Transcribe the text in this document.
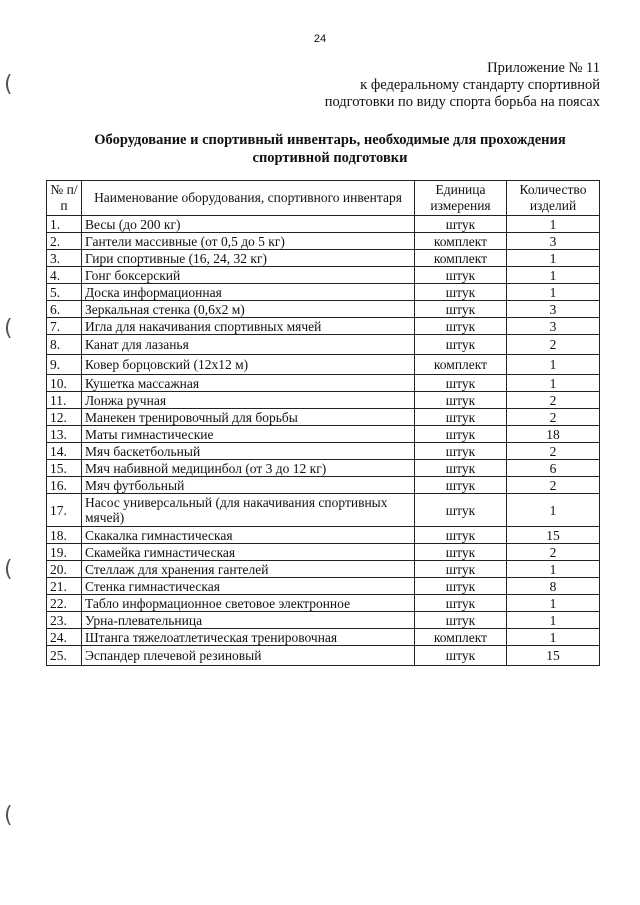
24
(
(
(
(
Приложение № 11
к федеральному стандарту спортивной
подготовки по виду спорта борьба на поясах
Оборудование и спортивный инвентарь, необходимые для прохождения
спортивной подготовки
№ п/п	Наименование оборудования, спортивного инвентаря	Единица измерения	Количество изделий
1.	Весы (до 200 кг)	штук	1
2.	Гантели массивные (от 0,5 до 5 кг)	комплект	3
3.	Гири спортивные (16, 24, 32 кг)	комплект	1
4.	Гонг боксерский	штук	1
5.	Доска информационная	штук	1
6.	Зеркальная стенка (0,6х2 м)	штук	3
7.	Игла для накачивания спортивных мячей	штук	3
8.	Канат для лазанья	штук	2
9.	Ковер борцовский (12х12 м)	комплект	1
10.	Кушетка массажная	штук	1
11.	Лонжа ручная	штук	2
12.	Манекен тренировочный для борьбы	штук	2
13.	Маты гимнастические	штук	18
14.	Мяч баскетбольный	штук	2
15.	Мяч набивной медицинбол (от 3 до 12 кг)	штук	6
16.	Мяч футбольный	штук	2
17.	Насос универсальный (для накачивания спортивных мячей)	штук	1
18.	Скакалка гимнастическая	штук	15
19.	Скамейка гимнастическая	штук	2
20.	Стеллаж для хранения гантелей	штук	1
21.	Стенка гимнастическая	штук	8
22.	Табло информационное световое электронное	штук	1
23.	Урна-плевательница	штук	1
24.	Штанга тяжелоатлетическая тренировочная	комплект	1
25.	Эспандер плечевой резиновый	штук	15
